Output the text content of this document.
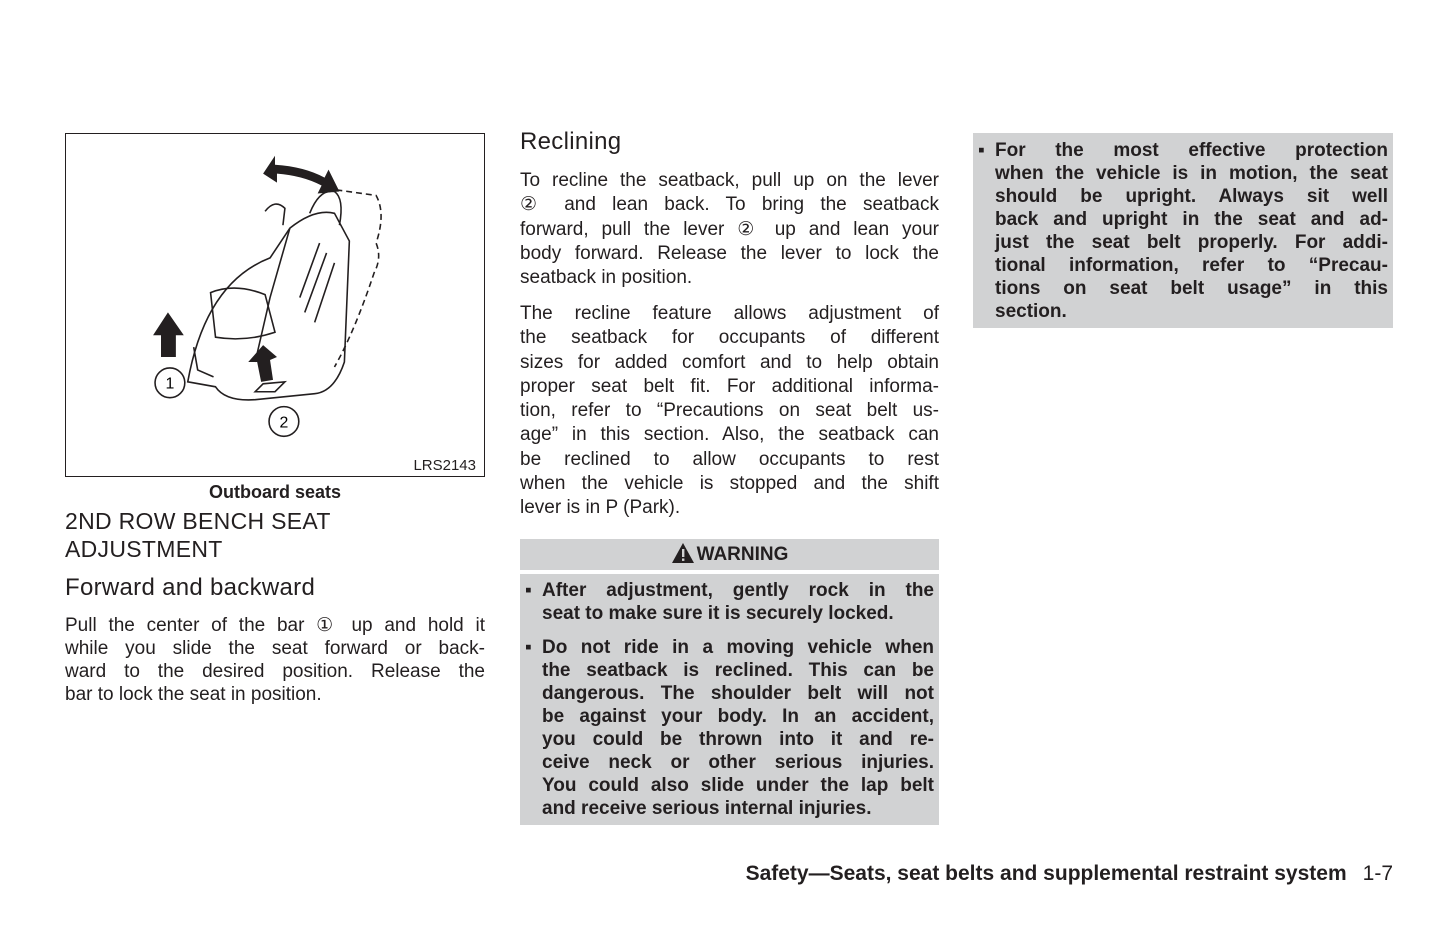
1
2
LRS2143
Outboard seats
2ND ROW BENCH SEAT
ADJUSTMENT
Forward and backward
Pull the center of the bar ① up and hold it
while you slide the seat forward or back-
ward to the desired position. Release the
bar to lock the seat in position.
Reclining
To recline the seatback, pull up on the lever
② and lean back. To bring the seatback
forward, pull the lever ② up and lean your
body forward. Release the lever to lock the
seatback in position.
The recline feature allows adjustment of
the seatback for occupants of different
sizes for added comfort and to help obtain
proper seat belt fit. For additional informa-
tion, refer to “Precautions on seat belt us-
age” in this section. Also, the seatback can
be reclined to allow occupants to rest
when the vehicle is stopped and the shift
lever is in P (Park).
WARNING
▪ After adjustment, gently rock in the
seat to make sure it is securely locked.
▪ Do not ride in a moving vehicle when
the seatback is reclined. This can be
dangerous. The shoulder belt will not
be against your body. In an accident,
you could be thrown into it and re-
ceive neck or other serious injuries.
You could also slide under the lap belt
and receive serious internal injuries.
▪ For the most effective protection
when the vehicle is in motion, the seat
should be upright. Always sit well
back and upright in the seat and ad-
just the seat belt properly. For addi-
tional information, refer to “Precau-
tions on seat belt usage” in this
section.
Safety—Seats, seat belts and supplemental restraint system 1-7
